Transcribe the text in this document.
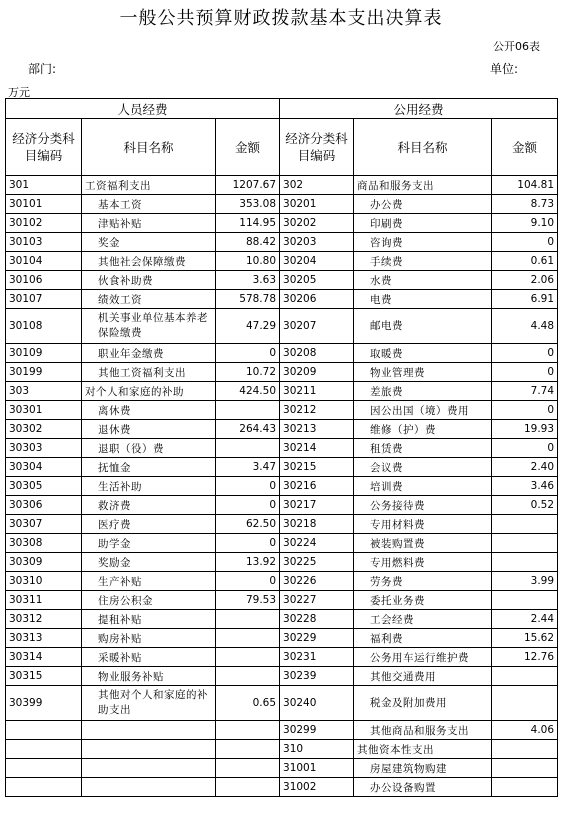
一般公共预算财政拨款基本支出决算表
公开06表
部门:	单位:
万元
人员经费			公用经费		
经济分类科目编码	科目名称	金额	经济分类科目编码	科目名称	金额
301	工资福利支出	1207.67	302	商品和服务支出	104.81
30101	基本工资	353.08	30201	办公费	8.73
30102	津贴补贴	114.95	30202	印刷费	9.10
30103	奖金	88.42	30203	咨询费	0
30104	其他社会保障缴费	10.80	30204	手续费	0.61
30106	伙食补助费	3.63	30205	水费	2.06
30107	绩效工资	578.78	30206	电费	6.91
30108	机关事业单位基本养老保险缴费	47.29	30207	邮电费	4.48
30109	职业年金缴费	0	30208	取暖费	0
30199	其他工资福利支出	10.72	30209	物业管理费	0
303	对个人和家庭的补助	424.50	30211	差旅费	7.74
30301	离休费		30212	因公出国（境）费用	0
30302	退休费	264.43	30213	维修（护）费	19.93
30303	退职（役）费		30214	租赁费	0
30304	抚恤金	3.47	30215	会议费	2.40
30305	生活补助	0	30216	培训费	3.46
30306	救济费	0	30217	公务接待费	0.52
30307	医疗费	62.50	30218	专用材料费	
30308	助学金	0	30224	被装购置费	
30309	奖励金	13.92	30225	专用燃料费	
30310	生产补贴	0	30226	劳务费	3.99
30311	住房公积金	79.53	30227	委托业务费	
30312	提租补贴		30228	工会经费	2.44
30313	购房补贴		30229	福利费	15.62
30314	采暖补贴		30231	公务用车运行维护费	12.76
30315	物业服务补贴		30239	其他交通费用	
30399	其他对个人和家庭的补助支出	0.65	30240	税金及附加费用	
			30299	其他商品和服务支出	4.06
			310	其他资本性支出	
			31001	房屋建筑物购建	
			31002	办公设备购置	
